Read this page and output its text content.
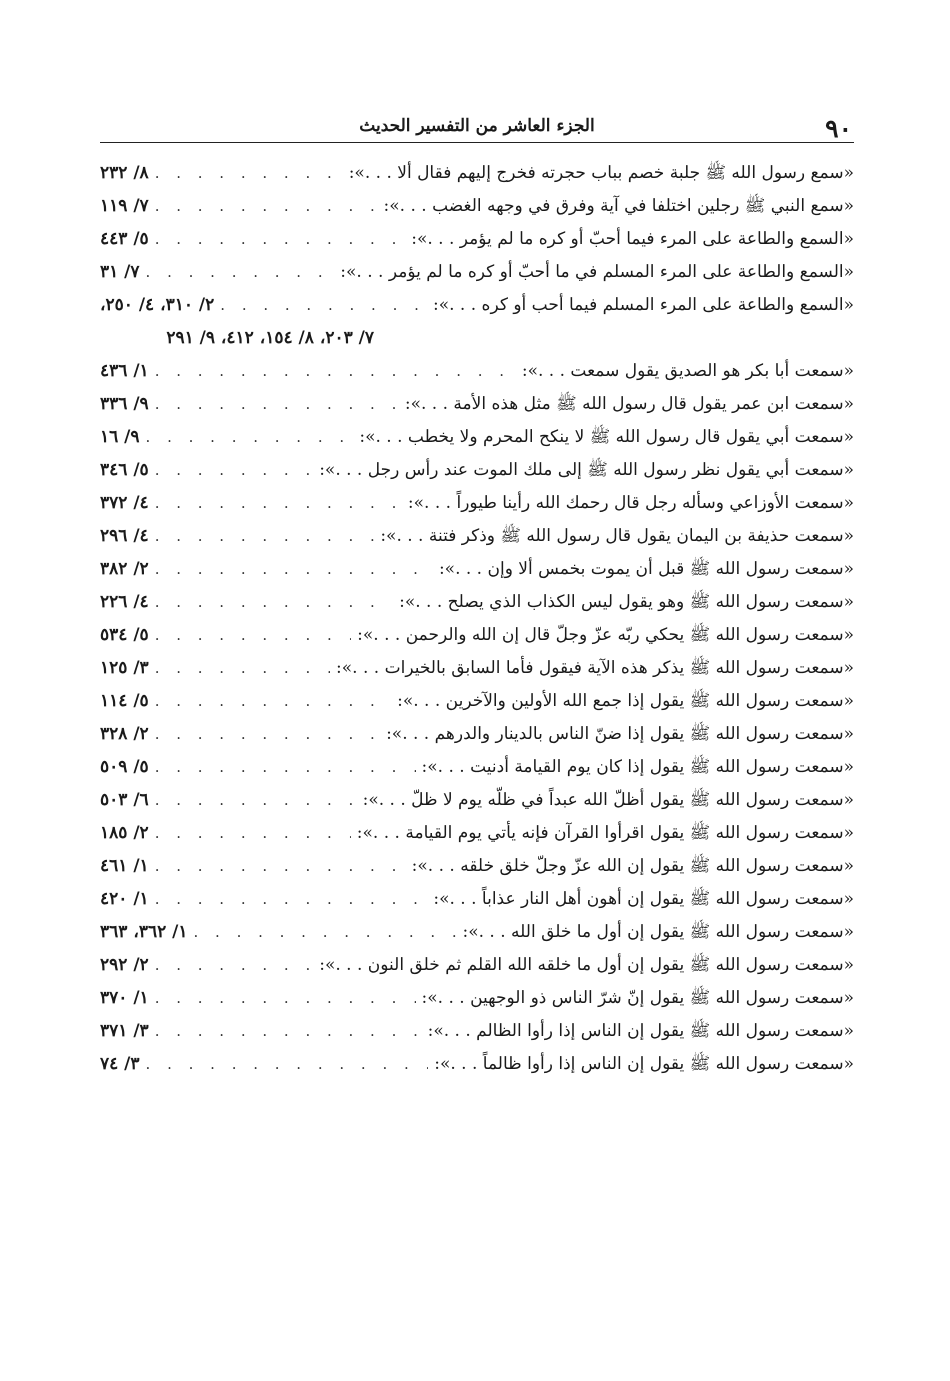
٩٠
الجزء العاشر من التفسير الحديث
«سمع رسول الله ﷺ جلبة خصم بباب حجرته فخرج إليهم فقال ألا . . .»:
. . .
٨/ ٢٣٢
«سمع النبي ﷺ رجلين اختلفا في آية وفرق في وجهه الغضب . . .»:
. . .
٧/ ١١٩
«السمع والطاعة على المرء فيما أحبّ أو كره ما لم يؤمر . . .»:
. . .
٥/ ٤٤٣
«السمع والطاعة على المرء المسلم في ما أحبّ أو كره ما لم يؤمر . . .»:
. . .
٧/ ٣١
«السمع والطاعة على المرء المسلم فيما أحب أو كره . . .»:
. . .
٢/ ٣١٠، ٤/ ٢٥٠،
٧/ ٢٠٣، ٨/ ١٥٤، ٤١٢، ٩/ ٢٩١
«سمعت أبا بكر هو الصديق يقول سمعت . . .»:
. . .
١/ ٤٣٦
«سمعت ابن عمر يقول قال رسول الله ﷺ مثل هذه الأمة . . .»:
. . .
٩/ ٣٣٦
«سمعت أبي يقول قال رسول الله ﷺ لا ينكح المحرم ولا يخطب . . .»:
. . .
٩/ ١٦
«سمعت أبي يقول نظر رسول الله ﷺ إلى ملك الموت عند رأس رجل . . .»:
. . .
٥/ ٣٤٦
«سمعت الأوزاعي وسأله رجل قال رحمك الله رأينا طيوراً . . .»:
. . .
٤/ ٣٧٢
«سمعت حذيفة بن اليمان يقول قال رسول الله ﷺ وذكر فتنة . . .»:
. . .
٤/ ٢٩٦
«سمعت رسول الله ﷺ قبل أن يموت بخمس ألا وإن . . .»:
. . .
٢/ ٣٨٢
«سمعت رسول الله ﷺ وهو يقول ليس الكذاب الذي يصلح . . .»:
. . .
٤/ ٢٢٦
«سمعت رسول الله ﷺ يحكي ربّه عزّ وجلّ قال إن الله والرحمن . . .»:
. . .
٥/ ٥٣٤
«سمعت رسول الله ﷺ يذكر هذه الآية فيقول فأما السابق بالخيرات . . .»:
. . .
٣/ ١٢٥
«سمعت رسول الله ﷺ يقول إذا جمع الله الأولين والآخرين . . .»:
. . .
٥/ ١١٤
«سمعت رسول الله ﷺ يقول إذا ضنّ الناس بالدينار والدرهم . . .»:
. . .
٢/ ٣٢٨
«سمعت رسول الله ﷺ يقول إذا كان يوم القيامة أدنيت . . .»:
. . .
٥/ ٥٠٩
«سمعت رسول الله ﷺ يقول أظلّ الله عبداً في ظلّه يوم لا ظلّ . . .»:
. . .
٦/ ٥٠٣
«سمعت رسول الله ﷺ يقول اقرأوا القرآن فإنه يأتي يوم القيامة . . .»:
. . .
٢/ ١٨٥
«سمعت رسول الله ﷺ يقول إن الله عزّ وجلّ خلق خلقه . . .»:
. . .
١/ ٤٦١
«سمعت رسول الله ﷺ يقول إن أهون أهل النار عذاباً . . .»:
. . .
١/ ٤٢٠
«سمعت رسول الله ﷺ يقول إن أول ما خلق الله . . .»:
. . .
١/ ٣٦٢، ٣٦٣
«سمعت رسول الله ﷺ يقول إن أول ما خلقه الله القلم ثم خلق النون . . .»:
. . .
٢/ ٢٩٢
«سمعت رسول الله ﷺ يقول إنّ شرّ الناس ذو الوجهين . . .»:
. . .
١/ ٣٧٠
«سمعت رسول الله ﷺ يقول إن الناس إذا رأوا الظالم . . .»:
. . .
٣/ ٣٧١
«سمعت رسول الله ﷺ يقول إن الناس إذا رأوا ظالماً . . .»:
. . .
٣/ ٧٤
